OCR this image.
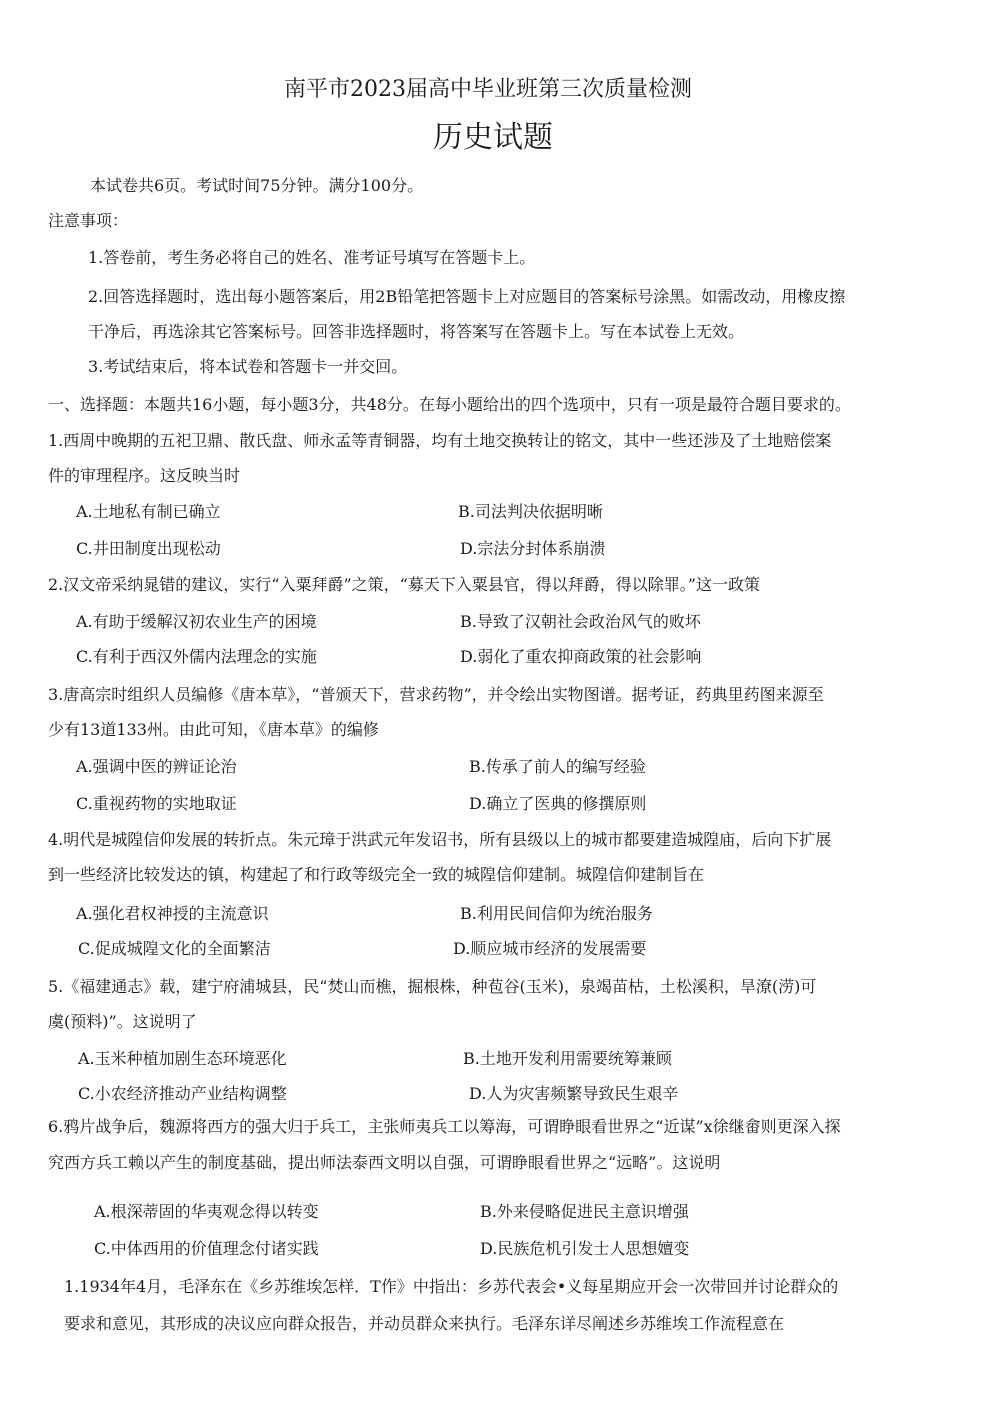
南平市2023届高中毕业班第三次质量检测
历史试题
本试卷共6页。考试时间75分钟。满分100分。
注意事项：
1.答卷前，考生务必将自己的姓名、准考证号填写在答题卡上。
2.回答选择题时，选出每小题答案后，用2B铅笔把答题卡上对应题目的答案标号涂黑。如需改动，用橡皮擦
干净后，再选涂其它答案标号。回答非选择题时，将答案写在答题卡上。写在本试卷上无效。
3.考试结束后，将本试卷和答题卡一并交回。
一、选择题：本题共16小题，每小题3分，共48分。在每小题给出的四个选项中，只有一项是最符合题目要求的。
1.西周中晚期的五祀卫鼎、散氏盘、师永孟等青铜器，均有土地交换转让的铭文，其中一些还涉及了土地赔偿案
件的审理程序。这反映当时
A.土地私有制已确立	B.司法判决依据明晰
C.井田制度出现松动	D.宗法分封体系崩溃
2.汉文帝采纳晁错的建议，实行“入粟拜爵”之策，“募天下入粟县官，得以拜爵，得以除罪。”这一政策
A.有助于缓解汉初农业生产的困境	B.导致了汉朝社会政治风气的败坏
C.有利于西汉外儒内法理念的实施	D.弱化了重农抑商政策的社会影响
3.唐高宗时组织人员编修《唐本草》，“普颁天下，营求药物”，并令绘出实物图谱。据考证，药典里药图来源至
少有13道133州。由此可知，《唐本草》的编修
A.强调中医的辨证论治	B.传承了前人的编写经验
C.重视药物的实地取证	D.确立了医典的修撰原则
4.明代是城隍信仰发展的转折点。朱元璋于洪武元年发诏书，所有县级以上的城市都要建造城隍庙，后向下扩展
到一些经济比较发达的镇，构建起了和行政等级完全一致的城隍信仰建制。城隍信仰建制旨在
A.强化君权神授的主流意识	B.利用民间信仰为统治服务
C.促成城隍文化的全面繁洁	D.顺应城市经济的发展需要
5.《福建通志》载，建宁府浦城县，民“焚山而樵，掘根株，种苞谷(玉米)，泉竭苗枯，土松溪积，旱潦(涝)可
虞(预料)”。这说明了
A.玉米种植加剧生态环境恶化	B.土地开发利用需要统筹兼顾
C.小农经济推动产业结构调整	D.人为灾害频繁导致民生艰辛
6.鸦片战争后，魏源将西方的强大归于兵工，主张师夷兵工以筹海，可谓睁眼看世界之“近谋”x徐继畲则更深入探
究西方兵工赖以产生的制度基础，提出师法泰西文明以自强，可谓睁眼看世界之“远略”。这说明
A.根深蒂固的华夷观念得以转变	B.外来侵略促进民主意识增强
C.中体西用的价值理念付诸实践	D.民族危机引发士人思想嬗变
1.1934年4月，毛泽东在《乡苏维埃怎样．T作》中指出：乡苏代表会•义每星期应开会一次带回并讨论群众的
要求和意见，其形成的决议应向群众报告，并动员群众来执行。毛泽东详尽阐述乡苏维埃工作流程意在
